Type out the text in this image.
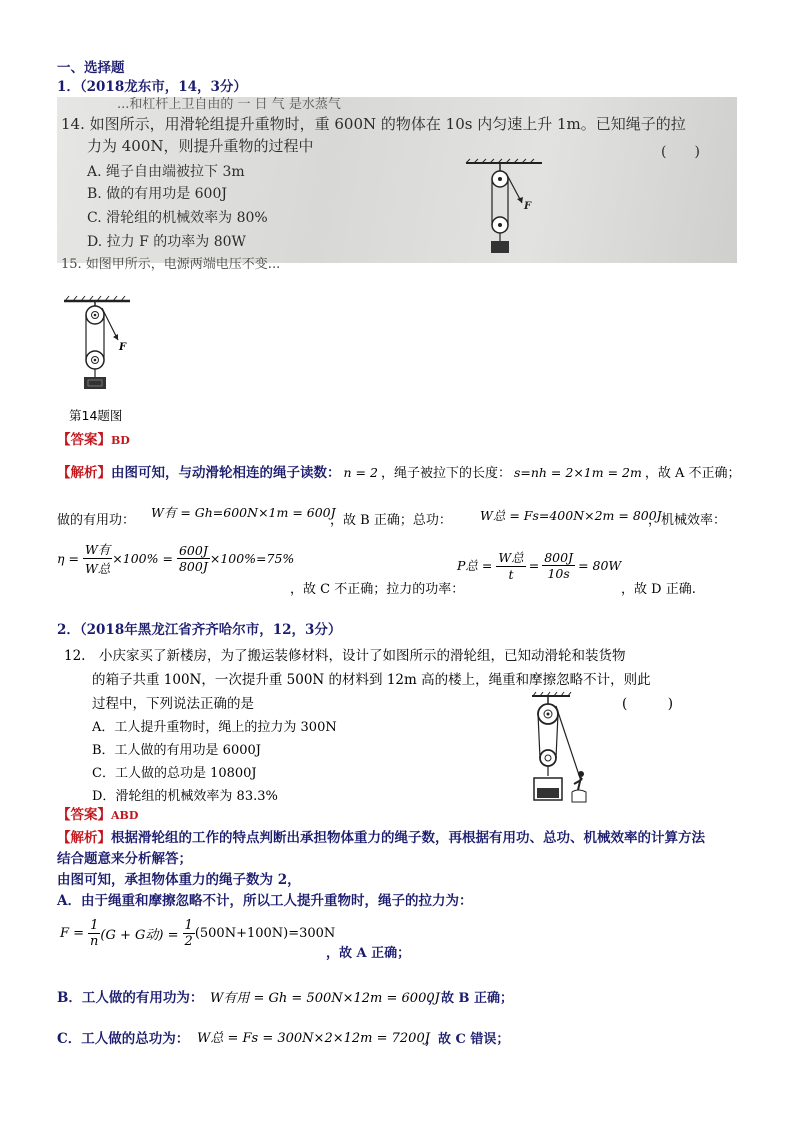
一、选择题
1．（2018龙东市，14，3分）
...和杠杆上卫自由的 一 日 气 是水蒸气
14. 如图所示，用滑轮组提升重物时，重 600N 的物体在 10s 内匀速上升 1m。已知绳子的拉
力为 400N，则提升重物的过程中
A. 绳子自由端被拉下 3m
B. 做的有用功是 600J
C. 滑轮组的机械效率为 80%
D. 拉力 F 的功率为 80W
(　　)
15. 如图甲所示，电源两端电压不变...
F
F
第14题图
【答案】BD
【解析】由图可知，与动滑轮相连的绳子读数： n = 2 ，绳子被拉下的长度： s=nh = 2×1m = 2m ，故 A 不正确；
做的有用功：
W有 = Gh=600N×1m = 600J
，故 B 正确；总功： W总 = Fs=400N×2m = 800J
，机械效率：
$\eta = \frac{\text{W有}}{\text{W总}} \times 100\% = \frac{600J}{800J} \times 100\%=75\%$
，故 C 不正确；拉力的功率：
P总 = $\frac{\text{W总}}{t} = \frac{800J}{10s} = 80W$
，故 D 正确.
2．（2018年黑龙江省齐齐哈尔市，12，3分）
12.　小庆家买了新楼房，为了搬运装修材料，设计了如图所示的滑轮组，已知动滑轮和装货物
的箱子共重 100N，一次提升重 500N 的材料到 12m 高的楼上，绳重和摩擦忽略不计，则此
过程中，下列说法正确的是	(　　　)
A．工人提升重物时，绳上的拉力为 300N
B．工人做的有用功是 6000J
C．工人做的总功是 10800J
D．滑轮组的机械效率为 83.3%
【答案】ABD
【解析】根据滑轮组的工作的特点判断出承担物体重力的绳子数，再根据有用功、总功、机械效率的计算方法
结合题意来分析解答；
由图可知，承担物体重力的绳子数为 2，
A．由于绳重和摩擦忽略不计，所以工人提升重物时，绳子的拉力为：
$F = \frac{1}{n} (G + G$动) = $\frac{1}{2} (500N+100N)=300N$
，故 A 正确；
B．工人做的有用功为： W有用 = Gh = 500N×12m = 6000J
，故 B 正确；
C．工人做的总功为： W总 = Fs = 300N×2×12m = 7200J
，故 C 错误；
